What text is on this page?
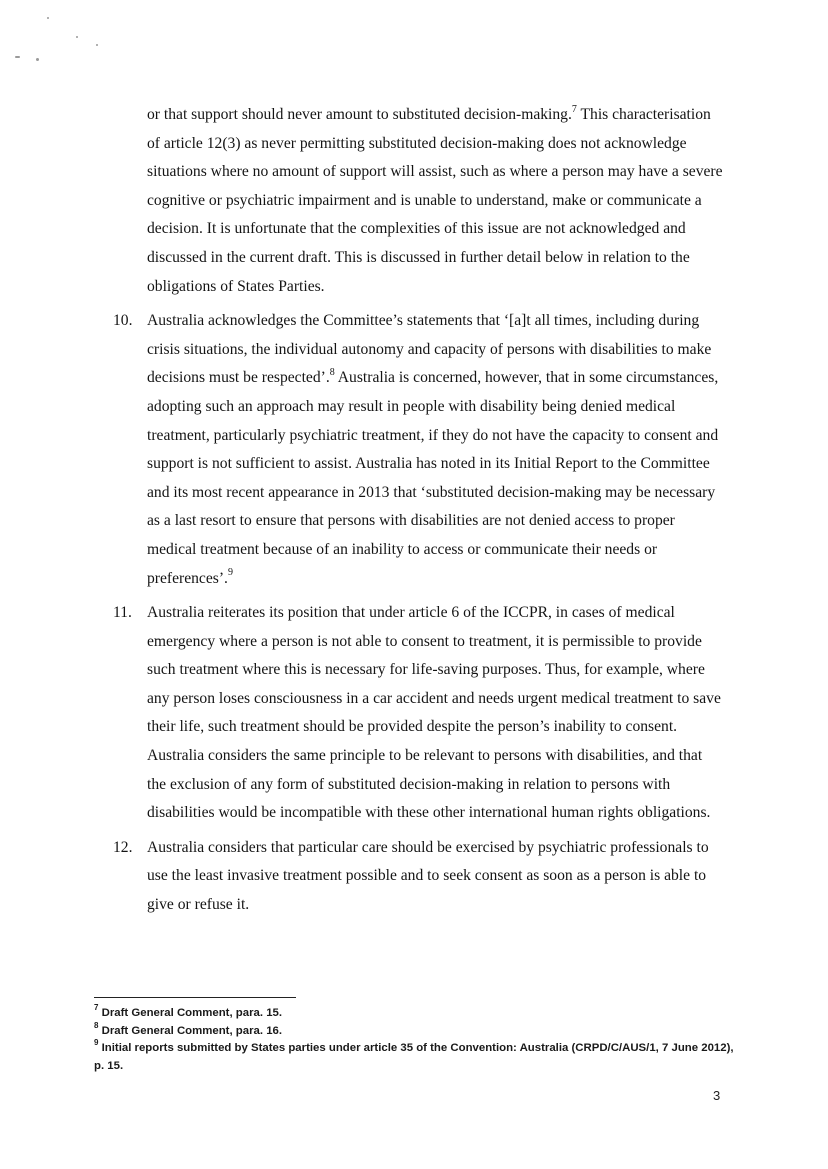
or that support should never amount to substituted decision-making.$^7$ This characterisation of article 12(3) as never permitting substituted decision-making does not acknowledge situations where no amount of support will assist, such as where a person may have a severe cognitive or psychiatric impairment and is unable to understand, make or communicate a decision. It is unfortunate that the complexities of this issue are not acknowledged and discussed in the current draft. This is discussed in further detail below in relation to the obligations of States Parties.

10. Australia acknowledges the Committee’s statements that ‘[a]t all times, including during crisis situations, the individual autonomy and capacity of persons with disabilities to make decisions must be respected’.$^8$ Australia is concerned, however, that in some circumstances, adopting such an approach may result in people with disability being denied medical treatment, particularly psychiatric treatment, if they do not have the capacity to consent and support is not sufficient to assist. Australia has noted in its Initial Report to the Committee and its most recent appearance in 2013 that ‘substituted decision-making may be necessary as a last resort to ensure that persons with disabilities are not denied access to proper medical treatment because of an inability to access or communicate their needs or preferences’.$^9$

11. Australia reiterates its position that under article 6 of the ICCPR, in cases of medical emergency where a person is not able to consent to treatment, it is permissible to provide such treatment where this is necessary for life-saving purposes. Thus, for example, where any person loses consciousness in a car accident and needs urgent medical treatment to save their life, such treatment should be provided despite the person’s inability to consent. Australia considers the same principle to be relevant to persons with disabilities, and that the exclusion of any form of substituted decision-making in relation to persons with disabilities would be incompatible with these other international human rights obligations.

12. Australia considers that particular care should be exercised by psychiatric professionals to use the least invasive treatment possible and to seek consent as soon as a person is able to give or refuse it.

$^7$ Draft General Comment, para. 15.

$^8$ Draft General Comment, para. 16.

$^9$ Initial reports submitted by States parties under article 35 of the Convention: Australia (CRPD/C/AUS/1, 7 June 2012), p. 15.

3
